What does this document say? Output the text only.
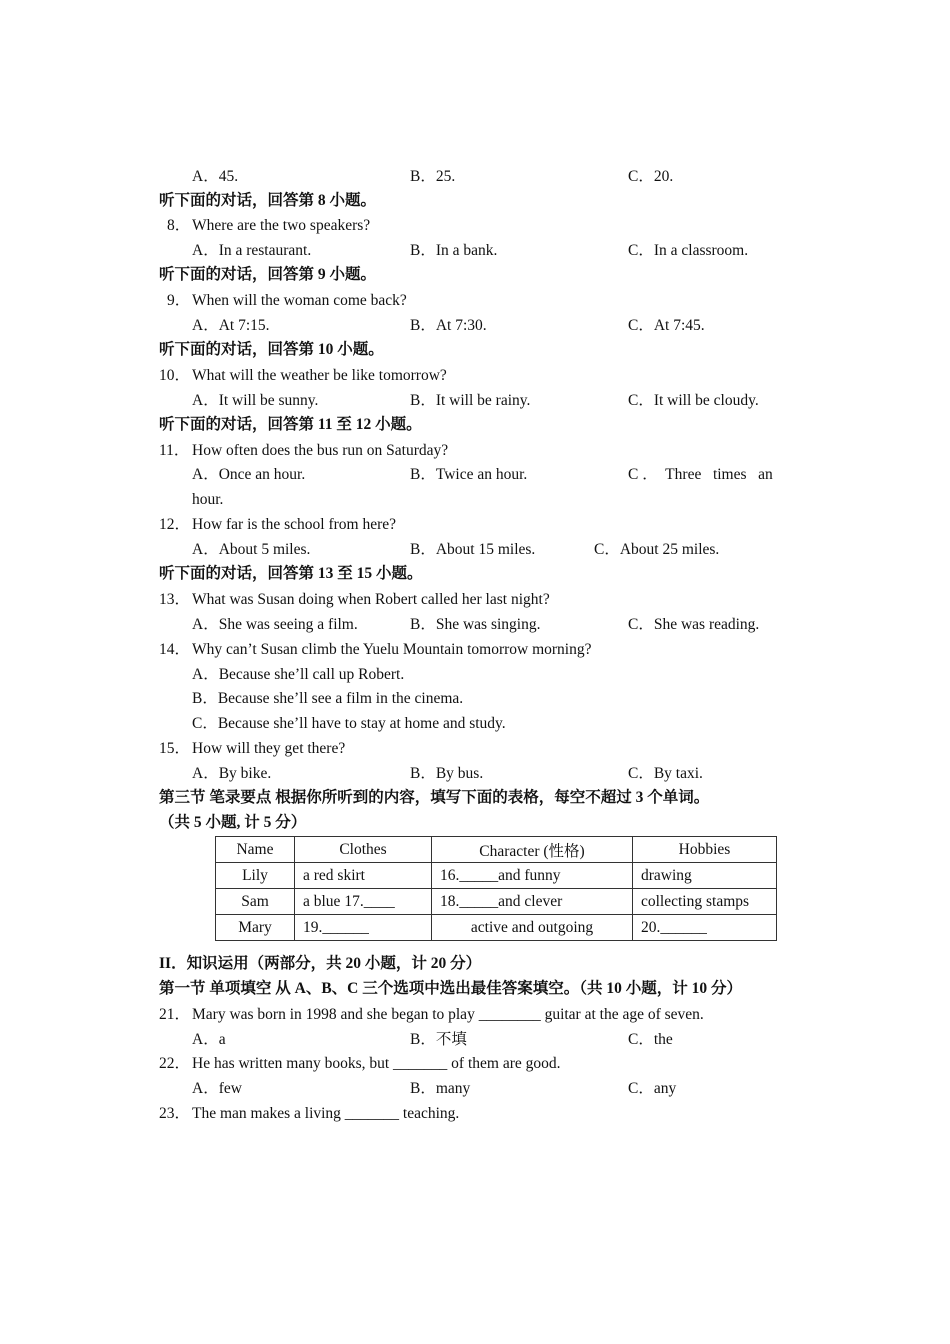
A．45.	B．25.	C．20.
听下面的对话，回答第 8 小题。
8． Where are the two speakers?
A．In a restaurant.	B．In a bank.	C．In a classroom.
听下面的对话，回答第 9 小题。
9． When will the woman come back?
A．At 7:15.	B．At 7:30.	C．At 7:45.
听下面的对话，回答第 10 小题。
10． What will the weather be like tomorrow?
A．It will be sunny.	B．It will be rainy.	C．It will be cloudy.
听下面的对话，回答第 11 至 12 小题。
11． How often does the bus run on Saturday?
A．Once an hour.	B．Twice an hour.	C ．  Three   times   an
hour.
12． How far is the school from here?
A．About 5 miles.	B．About 15 miles.	C．About 25 miles.
听下面的对话，回答第 13 至 15 小题。
13． What was Susan doing when Robert called her last night?
A．She was seeing a film.	B．She was singing.	C．She was reading.
14． Why can’t Susan climb the Yuelu Mountain tomorrow morning?
A．Because she’ll call up Robert.
B．Because she’ll see a film in the cinema.
C．Because she’ll have to stay at home and study.
15． How will they get there?
A．By bike.	B．By bus.	C．By taxi.
第三节 笔录要点 根据你所听到的内容，填写下面的表格，每空不超过 3 个单词。
（共 5 小题, 计 5 分）
Name	Clothes	Character (性格)	Hobbies
Lily	a red skirt	16._____and funny	drawing
Sam	a blue 17.____	18._____and clever	collecting stamps
Mary	19.______	active and outgoing	20.______
II．知识运用（两部分，共 20 小题，计 20 分）
第一节 单项填空 从 A、B、C 三个选项中选出最佳答案填空。（共 10 小题，计 10 分）
21． Mary was born in 1998 and she began to play ________ guitar at the age of seven.
A．a	B．不填	C．the
22． He has written many books, but _______ of them are good.
A．few	B．many	C．any
23． The man makes a living _______ teaching.
